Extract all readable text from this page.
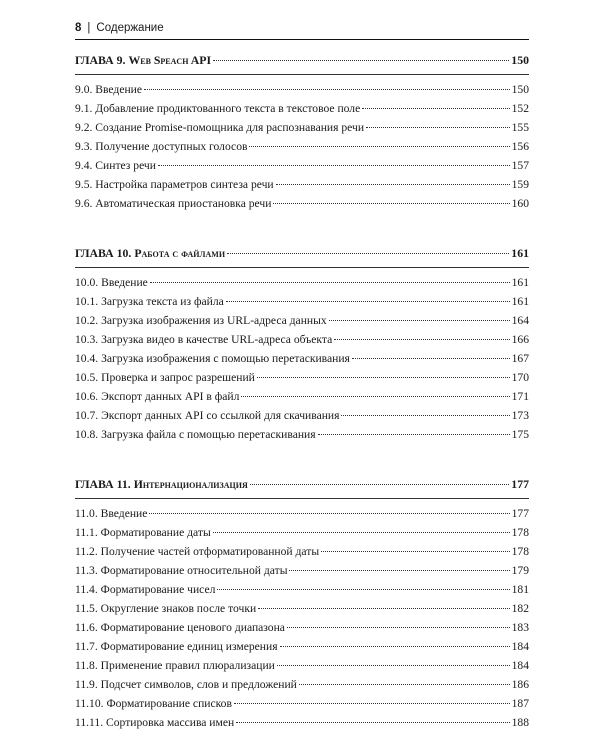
8 | Содержание
ГЛАВА 9. Web Speach API	150
9.0. Введение	150
9.1. Добавление продиктованного текста в текстовое поле	152
9.2. Создание Promise-помощника для распознавания речи	155
9.3. Получение доступных голосов	156
9.4. Синтез речи	157
9.5. Настройка параметров синтеза речи	159
9.6. Автоматическая приостановка речи	160
ГЛАВА 10. Работа с файлами	161
10.0. Введение	161
10.1. Загрузка текста из файла	161
10.2. Загрузка изображения из URL-адреса данных	164
10.3. Загрузка видео в качестве URL-адреса объекта	166
10.4. Загрузка изображения с помощью перетаскивания	167
10.5. Проверка и запрос разрешений	170
10.6. Экспорт данных API в файл	171
10.7. Экспорт данных API со ссылкой для скачивания	173
10.8. Загрузка файла с помощью перетаскивания	175
ГЛАВА 11. Интернационализация	177
11.0. Введение	177
11.1. Форматирование даты	178
11.2. Получение частей отформатированной даты	178
11.3. Форматирование относительной даты	179
11.4. Форматирование чисел	181
11.5. Округление знаков после точки	182
11.6. Форматирование ценового диапазона	183
11.7. Форматирование единиц измерения	184
11.8. Применение правил плюрализации	184
11.9. Подсчет символов, слов и предложений	186
11.10. Форматирование списков	187
11.11. Сортировка массива имен	188
